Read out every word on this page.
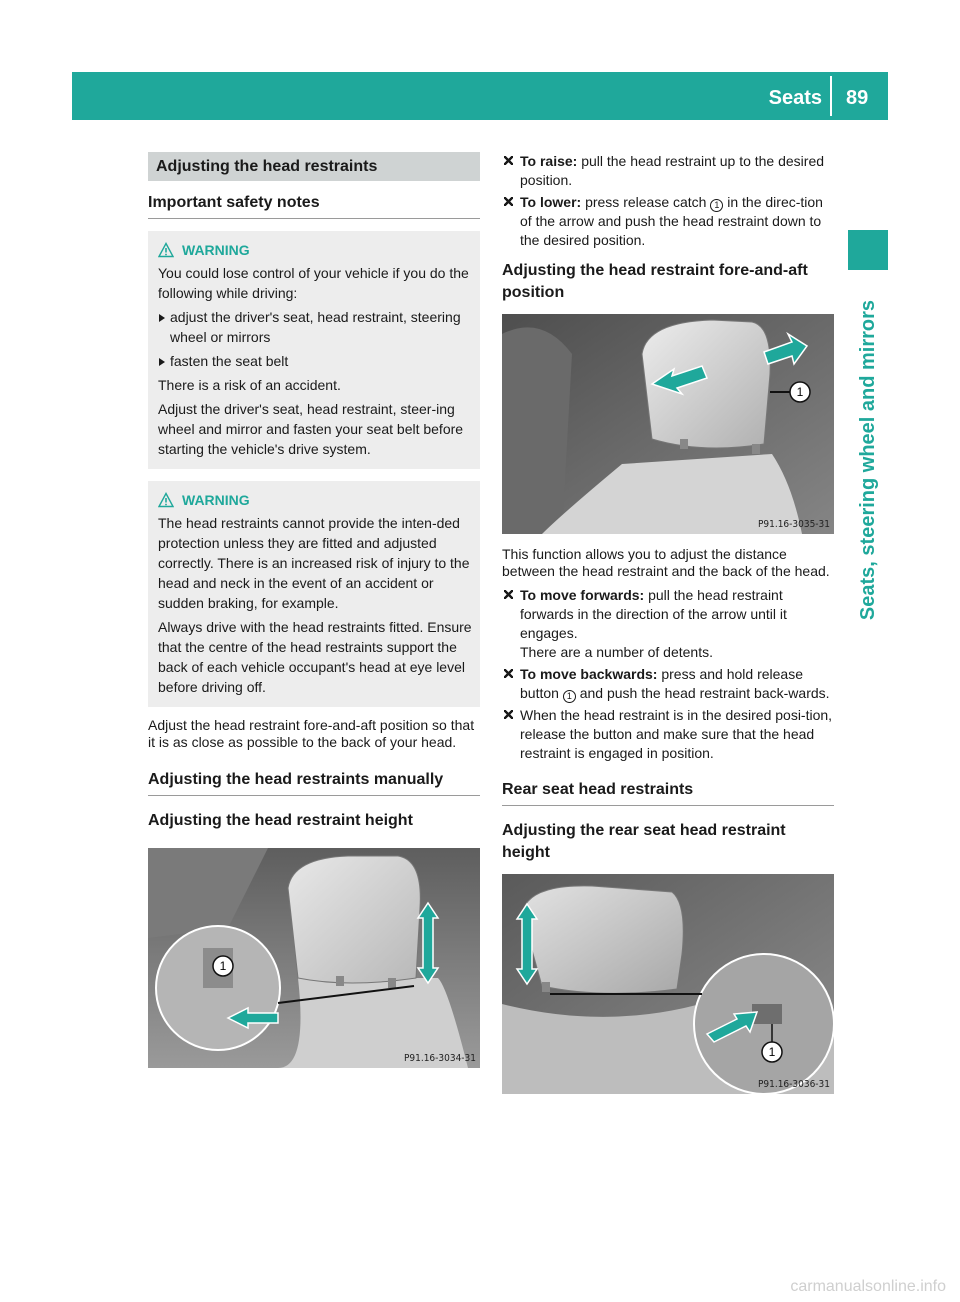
Seats 89
Seats, steering wheel and mirrors
Adjusting the head restraints
Important safety notes
WARNING

You could lose control of your vehicle if you do the following while driving:

adjust the driver's seat, head restraint, steering wheel or mirrors
fasten the seat belt

There is a risk of an accident.

Adjust the driver's seat, head restraint, steer-ing wheel and mirror and fasten your seat belt before starting the vehicle's drive system.

WARNING

The head restraints cannot provide the inten-ded protection unless they are fitted and adjusted correctly. There is an increased risk of injury to the head and neck in the event of an accident or sudden braking, for example.

Always drive with the head restraints fitted. Ensure that the centre of the head restraints support the back of each vehicle occupant's head at eye level before driving off.

Adjust the head restraint fore-and-aft position so that it is as close as possible to the back of your head.

Adjusting the head restraints manually
Adjusting the head restraint height
1
P91.16-3034-31
To raise: pull the head restraint up to the desired position.
To lower: press release catch 1 in the direc-tion of the arrow and push the head restraint down to the desired position.
Adjusting the head restraint fore-and-aft position
1
P91.16-3035-31

This function allows you to adjust the distance between the head restraint and the back of the head.

To move forwards: pull the head restraint forwards in the direction of the arrow until it engages.
There are a number of detents.
To move backwards: press and hold release button 1 and push the head restraint back-wards.
When the head restraint is in the desired posi-tion, release the button and make sure that the head restraint is engaged in position.
Rear seat head restraints
Adjusting the rear seat head restraint height
1
P91.16-3036-31
carmanualsonline.info
